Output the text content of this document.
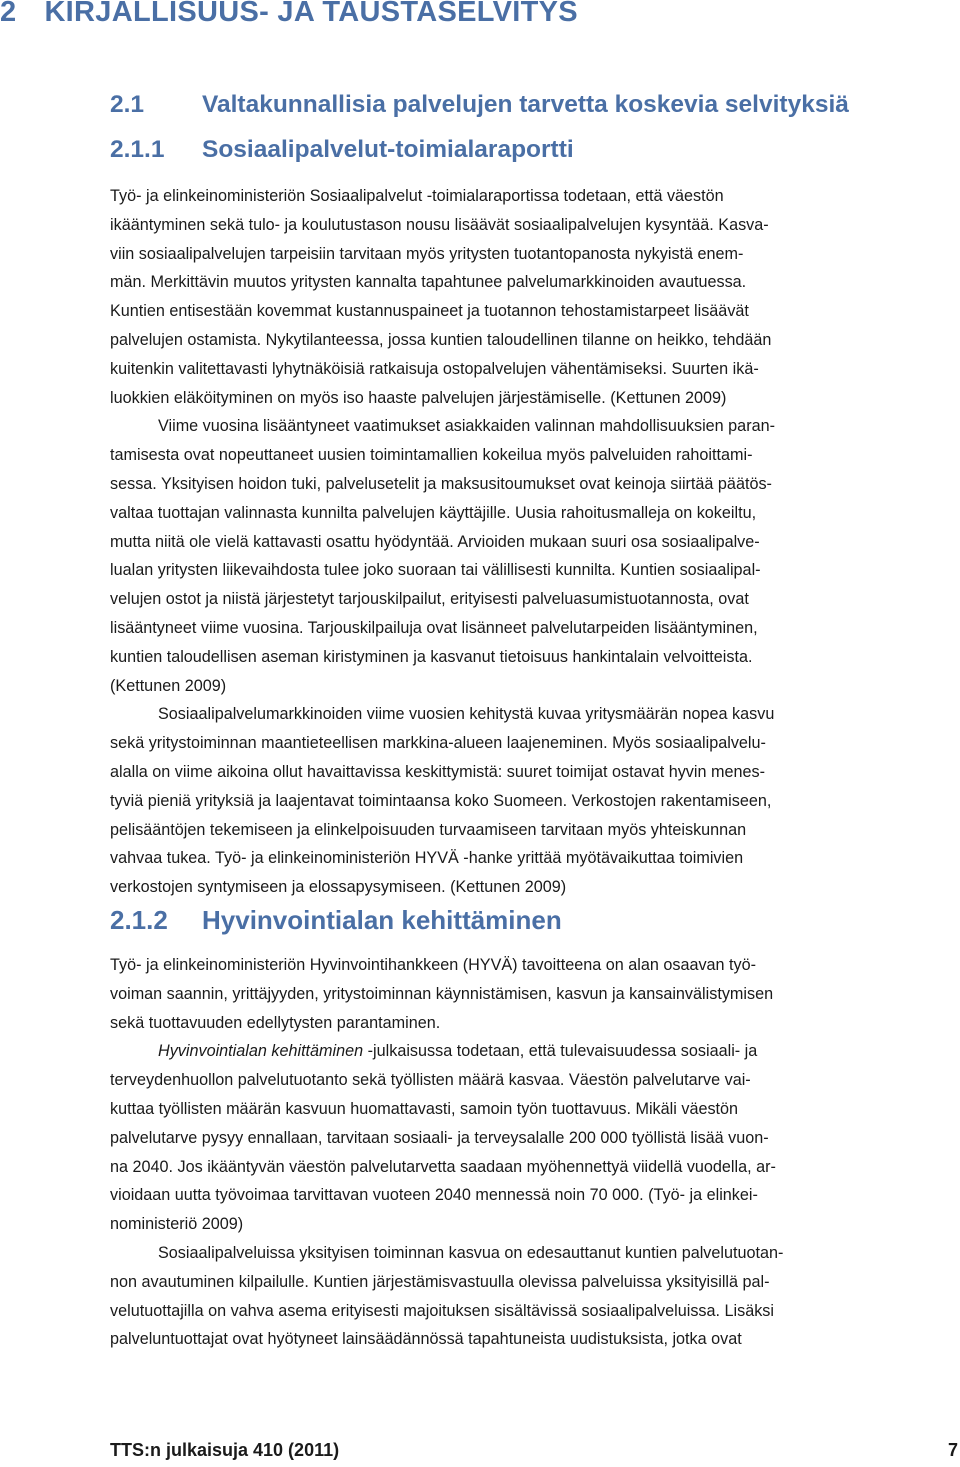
2 KIRJALLISUUS- JA TAUSTASELVITYS
2.1 Valtakunnallisia palvelujen tarvetta koskevia selvityksiä
2.1.1 Sosiaalipalvelut-toimialaraportti
Työ- ja elinkeinoministeriön Sosiaalipalvelut -toimialaraportissa todetaan, että väestön
ikääntyminen sekä tulo- ja koulutustason nousu lisäävät sosiaalipalvelujen kysyntää. Kasva-
viin sosiaalipalvelujen tarpeisiin tarvitaan myös yritysten tuotantopanosta nykyistä enem-
män. Merkittävin muutos yritysten kannalta tapahtunee palvelumarkkinoiden avautuessa.
Kuntien entisestään kovemmat kustannuspaineet ja tuotannon tehostamistarpeet lisäävät
palvelujen ostamista. Nykytilanteessa, jossa kuntien taloudellinen tilanne on heikko, tehdään
kuitenkin valitettavasti lyhytnäköisiä ratkaisuja ostopalvelujen vähentämiseksi. Suurten ikä-
luokkien eläköityminen on myös iso haaste palvelujen järjestämiselle. (Kettunen 2009)
Viime vuosina lisääntyneet vaatimukset asiakkaiden valinnan mahdollisuuksien paran-
tamisesta ovat nopeuttaneet uusien toimintamallien kokeilua myös palveluiden rahoittami-
sessa. Yksityisen hoidon tuki, palvelusetelit ja maksusitoumukset ovat keinoja siirtää päätös-
valtaa tuottajan valinnasta kunnilta palvelujen käyttäjille. Uusia rahoitusmalleja on kokeiltu,
mutta niitä ole vielä kattavasti osattu hyödyntää. Arvioiden mukaan suuri osa sosiaalipalve-
lualan yritysten liikevaihdosta tulee joko suoraan tai välillisesti kunnilta. Kuntien sosiaalipal-
velujen ostot ja niistä järjestetyt tarjouskilpailut, erityisesti palveluasumistuotannosta, ovat
lisääntyneet viime vuosina. Tarjouskilpailuja ovat lisänneet palvelutarpeiden lisääntyminen,
kuntien taloudellisen aseman kiristyminen ja kasvanut tietoisuus hankintalain velvoitteista.
(Kettunen 2009)
Sosiaalipalvelumarkkinoiden viime vuosien kehitystä kuvaa yritysmäärän nopea kasvu
sekä yritystoiminnan maantieteellisen markkina-alueen laajeneminen. Myös sosiaalipalvelu-
alalla on viime aikoina ollut havaittavissa keskittymistä: suuret toimijat ostavat hyvin menes-
tyviä pieniä yrityksiä ja laajentavat toimintaansa koko Suomeen. Verkostojen rakentamiseen,
pelisääntöjen tekemiseen ja elinkelpoisuuden turvaamiseen tarvitaan myös yhteiskunnan
vahvaa tukea. Työ- ja elinkeinoministeriön HYVÄ -hanke yrittää myötävaikuttaa toimivien
verkostojen syntymiseen ja elossapysymiseen. (Kettunen 2009)
2.1.2 Hyvinvointialan kehittäminen
Työ- ja elinkeinoministeriön Hyvinvointihankkeen (HYVÄ) tavoitteena on alan osaavan työ-
voiman saannin, yrittäjyyden, yritystoiminnan käynnistämisen, kasvun ja kansainvälistymisen
sekä tuottavuuden edellytysten parantaminen.
Hyvinvointialan kehittäminen -julkaisussa todetaan, että tulevaisuudessa sosiaali- ja
terveydenhuollon palvelutuotanto sekä työllisten määrä kasvaa. Väestön palvelutarve vai-
kuttaa työllisten määrän kasvuun huomattavasti, samoin työn tuottavuus. Mikäli väestön
palvelutarve pysyy ennallaan, tarvitaan sosiaali- ja terveysalalle 200 000 työllistä lisää vuon-
na 2040. Jos ikääntyvän väestön palvelutarvetta saadaan myöhennettyä viidellä vuodella, ar-
vioidaan uutta työvoimaa tarvittavan vuoteen 2040 mennessä noin 70 000. (Työ- ja elinkei-
noministeriö 2009)
Sosiaalipalveluissa yksityisen toiminnan kasvua on edesauttanut kuntien palvelutuotan-
non avautuminen kilpailulle. Kuntien järjestämisvastuulla olevissa palveluissa yksityisillä pal-
velutuottajilla on vahva asema erityisesti majoituksen sisältävissä sosiaalipalveluissa. Lisäksi
palveluntuottajat ovat hyötyneet lainsäädännössä tapahtuneista uudistuksista, jotka ovat
TTS:n julkaisuja 410 (2011)	7
